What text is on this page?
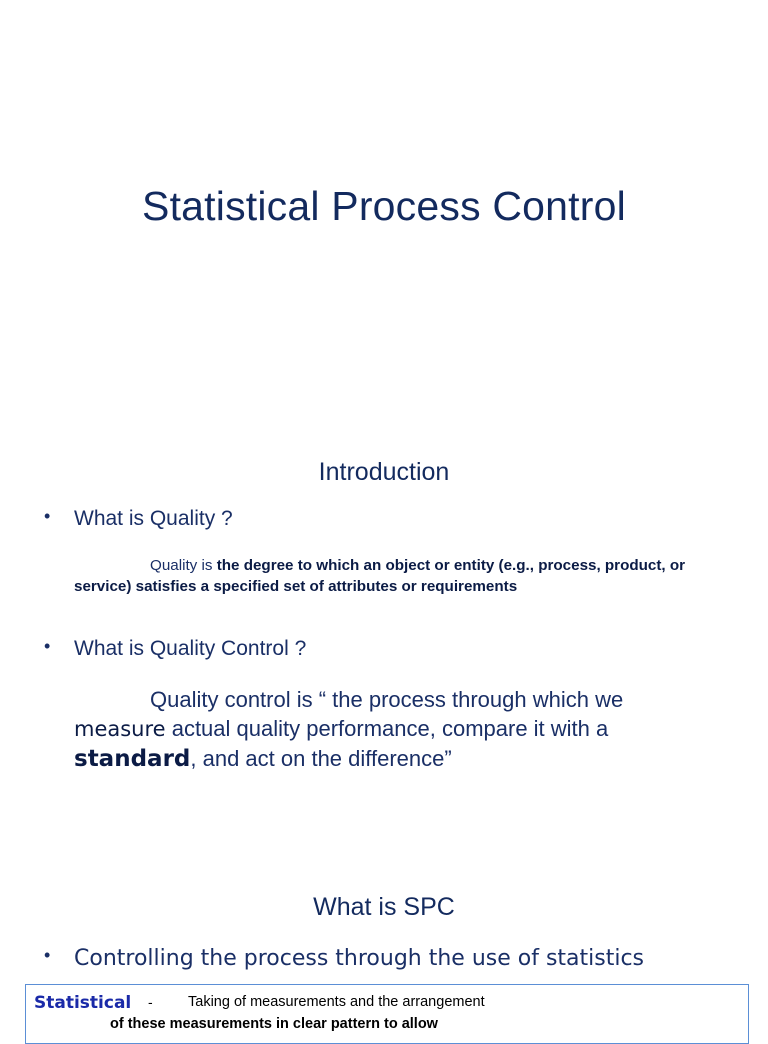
Statistical Process Control
Introduction
•	What is Quality ?
Quality is the degree to which an object or entity (e.g., process, product, or service) satisfies a specified set of attributes or requirements
•	What is Quality Control ?
Quality control is “ the process through which we
measure actual quality performance, compare it with a
standard, and act on the difference”
What is SPC
•	Controlling the process through the use of statistics
Statistical - Taking of measurements and the arrangement
of these measurements in clear pattern to allow
